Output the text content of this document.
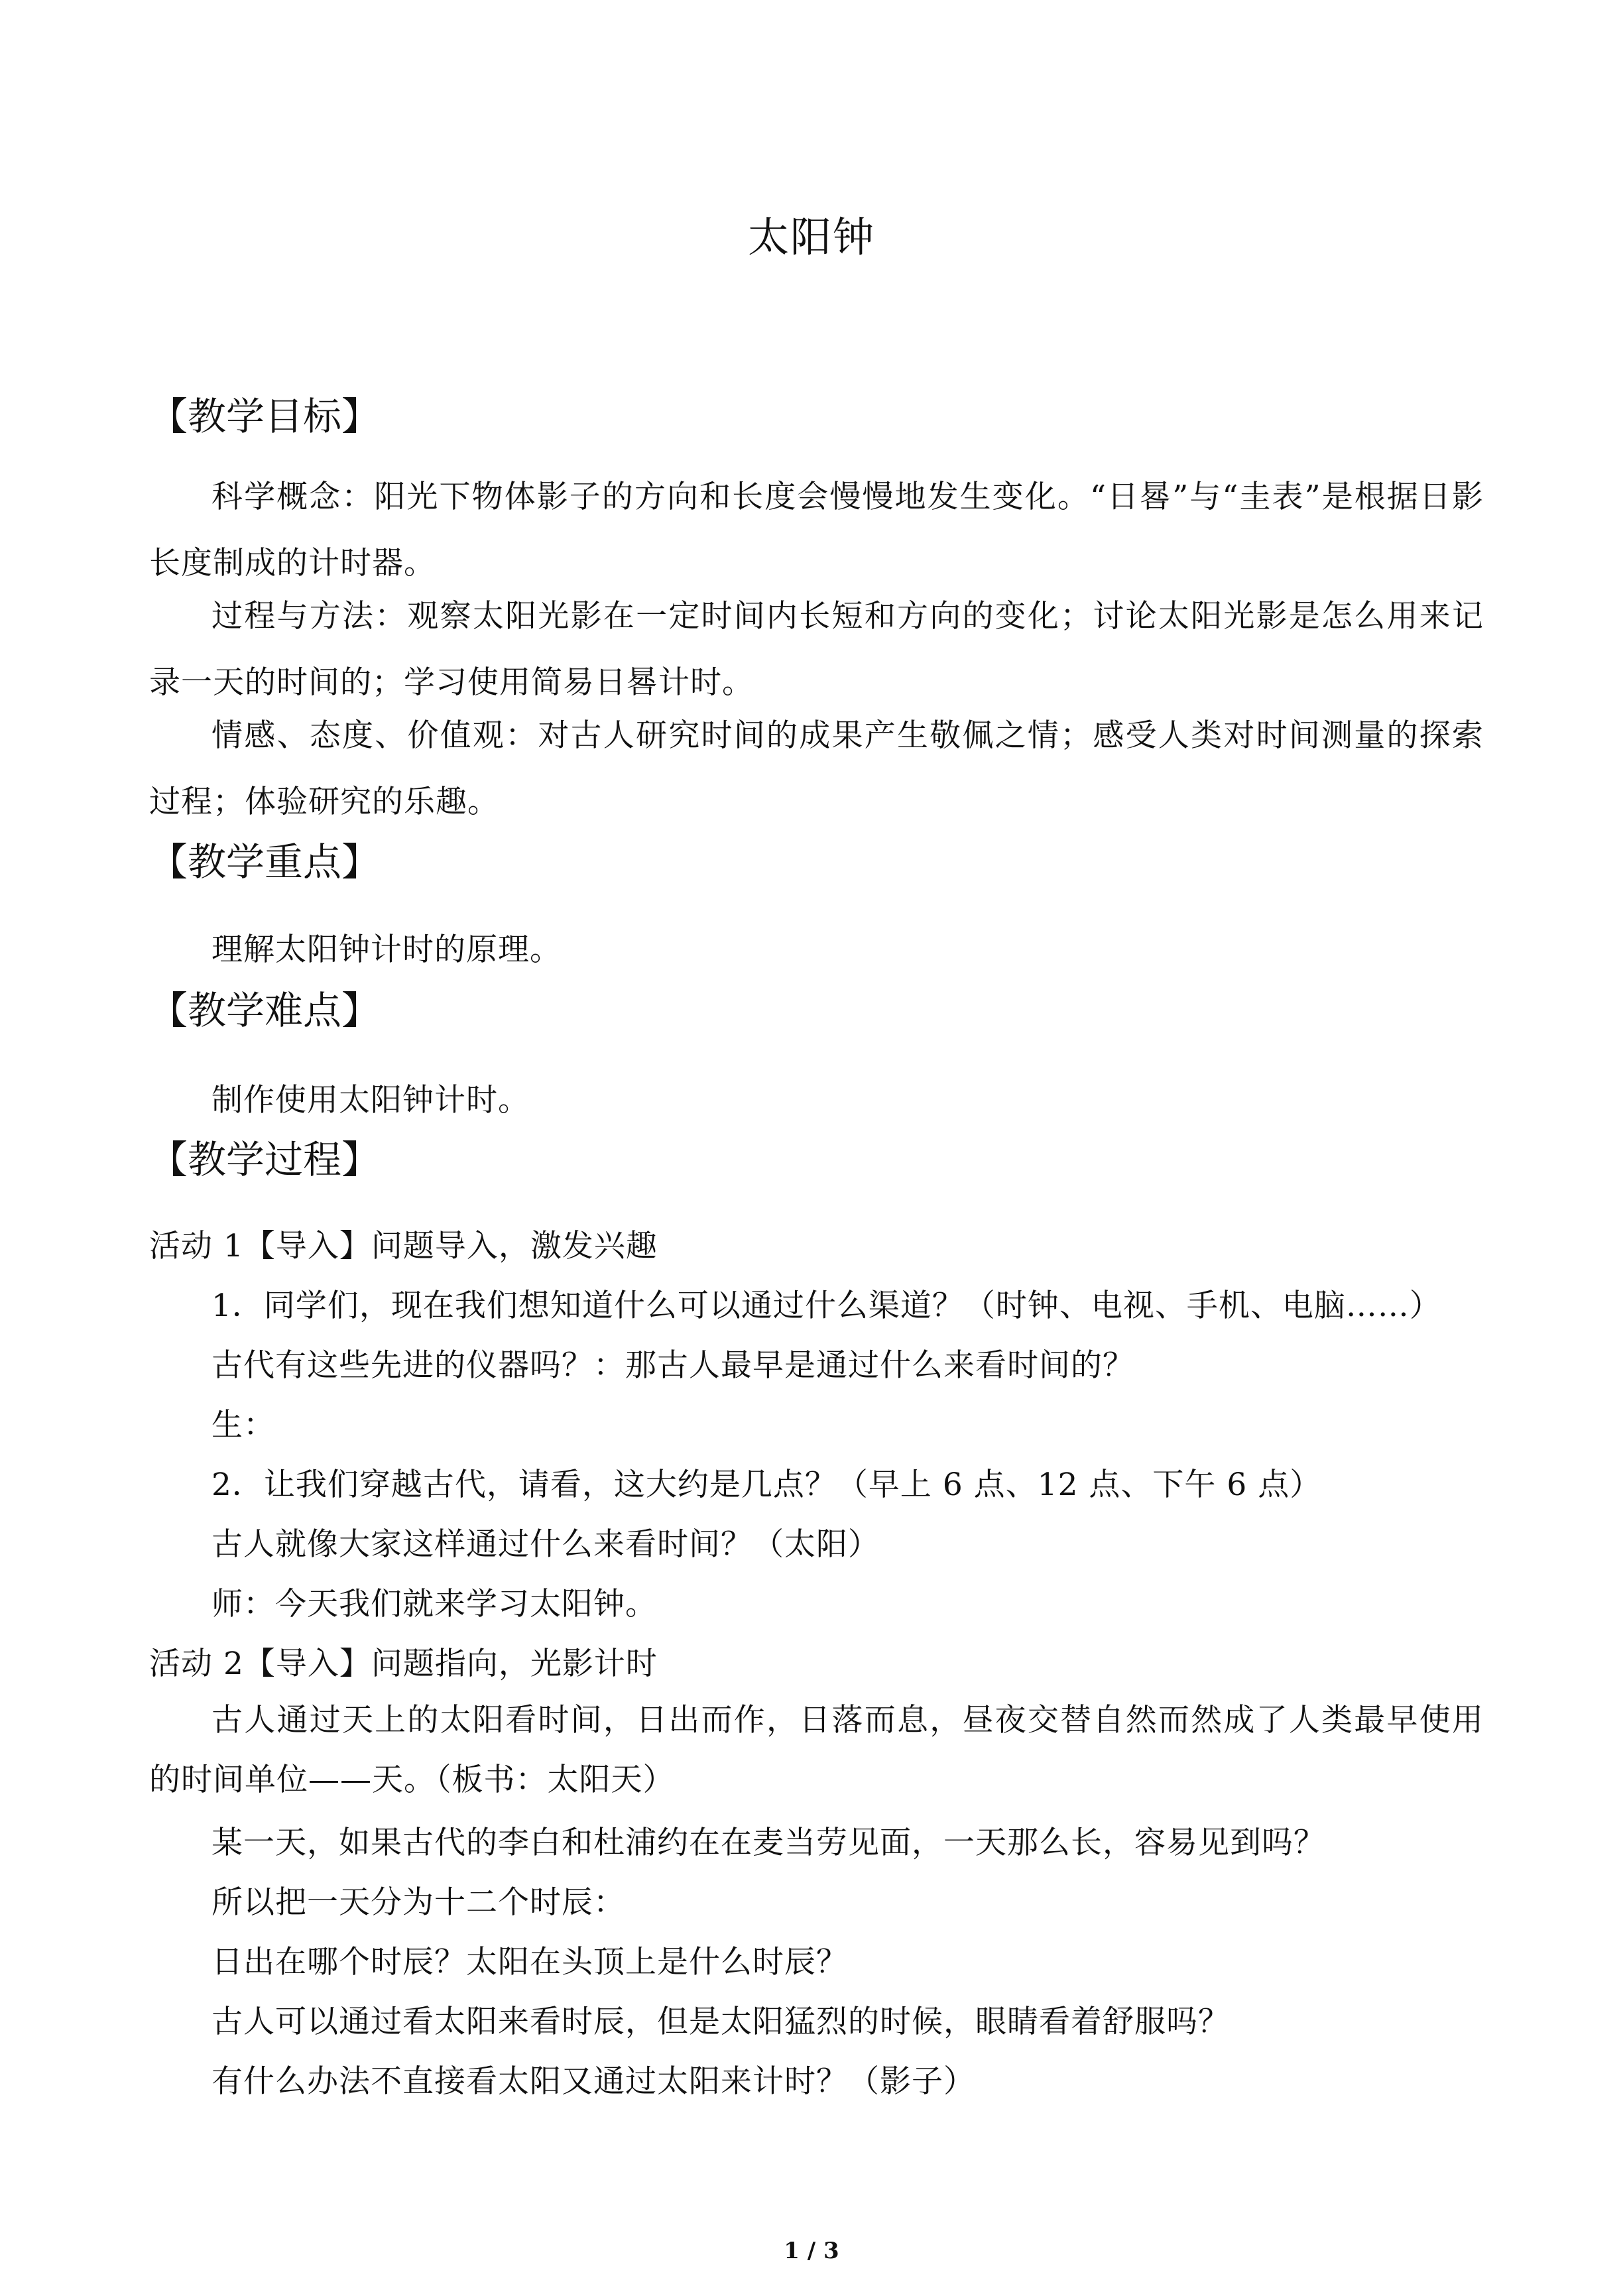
太阳钟
【教学目标】
科学概念：阳光下物体影子的方向和长度会慢慢地发生变化。“日晷”与“圭表”是根据日影长度制成的计时器。
过程与方法：观察太阳光影在一定时间内长短和方向的变化；讨论太阳光影是怎么用来记录一天的时间的；学习使用简易日晷计时。
情感、态度、价值观：对古人研究时间的成果产生敬佩之情；感受人类对时间测量的探索过程；体验研究的乐趣。
【教学重点】
理解太阳钟计时的原理。
【教学难点】
制作使用太阳钟计时。
【教学过程】
活动 1【导入】问题导入，激发兴趣
1．同学们，现在我们想知道什么可以通过什么渠道？（时钟、电视、手机、电脑……）
古代有这些先进的仪器吗？：那古人最早是通过什么来看时间的？
生：
2．让我们穿越古代，请看，这大约是几点？（早上 6 点、12 点、下午 6 点）
古人就像大家这样通过什么来看时间？（太阳）
师：今天我们就来学习太阳钟。
活动 2【导入】问题指向，光影计时
古人通过天上的太阳看时间，日出而作，日落而息，昼夜交替自然而然成了人类最早使用的时间单位——天。（板书：太阳天）
某一天，如果古代的李白和杜浦约在在麦当劳见面，一天那么长，容易见到吗？
所以把一天分为十二个时辰：
日出在哪个时辰？太阳在头顶上是什么时辰？
古人可以通过看太阳来看时辰，但是太阳猛烈的时候，眼睛看着舒服吗？
有什么办法不直接看太阳又通过太阳来计时？（影子）
1 / 3
